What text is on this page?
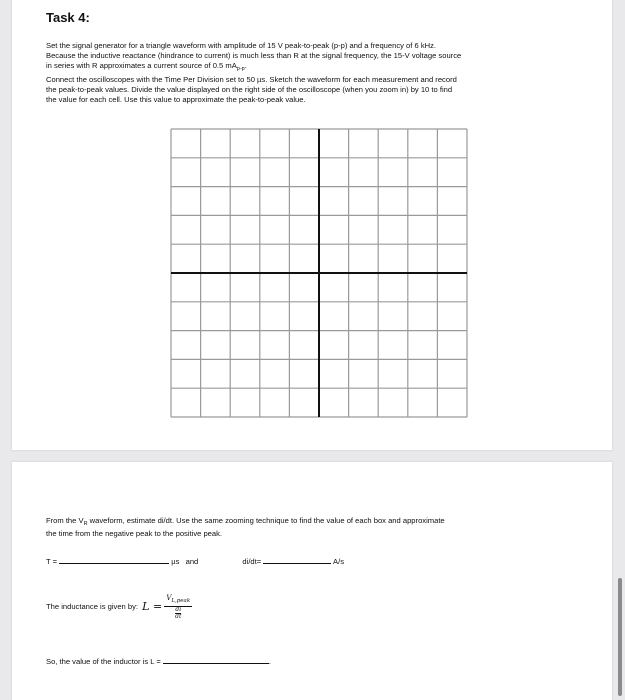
Task 4:

Set the signal generator for a triangle waveform with amplitude of 15 V peak-to-peak (p-p) and a frequency of 6 kHz.

Because the inductive reactance (hindrance to current) is much less than R at the signal frequency, the 15-V voltage source

in series with R approximates a current source of 0.5 $mA_{p-p}$.

Connect the oscilloscopes with the Time Per Division set to 50 µs. Sketch the waveform for each measurement and record

the peak-to-peak values. Divide the value displayed on the right side of the oscilloscope (when you zoom in) by 10 to find

the value for each cell. Use this value to approximate the peak-to-peak value.

From the $V_R$ waveform, estimate di/dt. Use the same zooming technique to find the value of each box and approximate
the time from the negative peak to the positive peak.
T =	µs and	di/dt=	A/s
The inductance is given by: $L = \frac{V_{L,peak}}{\frac{di}{dt}}$
So, the value of the inductor is L =	.
